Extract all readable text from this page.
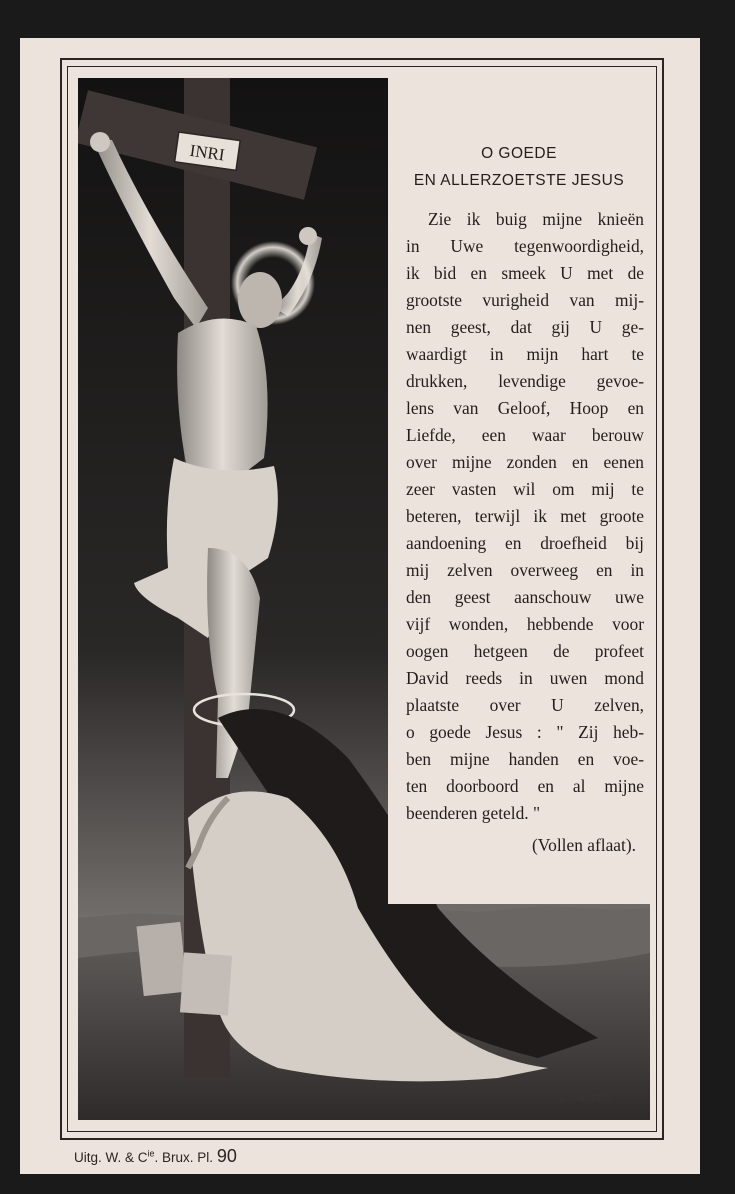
INRI	O GOEDE

EN ALLERZOETSTE JESUS

Zie ik buig mijne knieën
in Uwe tegenwoordigheid,
ik bid en smeek U met de
grootste vurigheid van mij-
nen geest, dat gij U ge-
waardigt in mijn hart te
drukken, levendige gevoe-
lens van Geloof, Hoop en
Liefde, een waar berouw
over mijne zonden en eenen
zeer vasten wil om mij te
beteren, terwijl ik met groote
aandoening en droefheid bij
mij zelven overweeg en in
den geest aanschouw uwe
vijf wonden, hebbende voor
oogen hetgeen de profeet
David reeds in uwen mond
plaatste over U zelven,
o goede Jesus : " Zij heb-
ben mijne handen en voe-
ten doorboord en al mijne
beenderen geteld. "
(Vollen aflaat).
E.n. BOBEN
Uitg. W. & $C^{ie}$. Brux. Pl. 90
